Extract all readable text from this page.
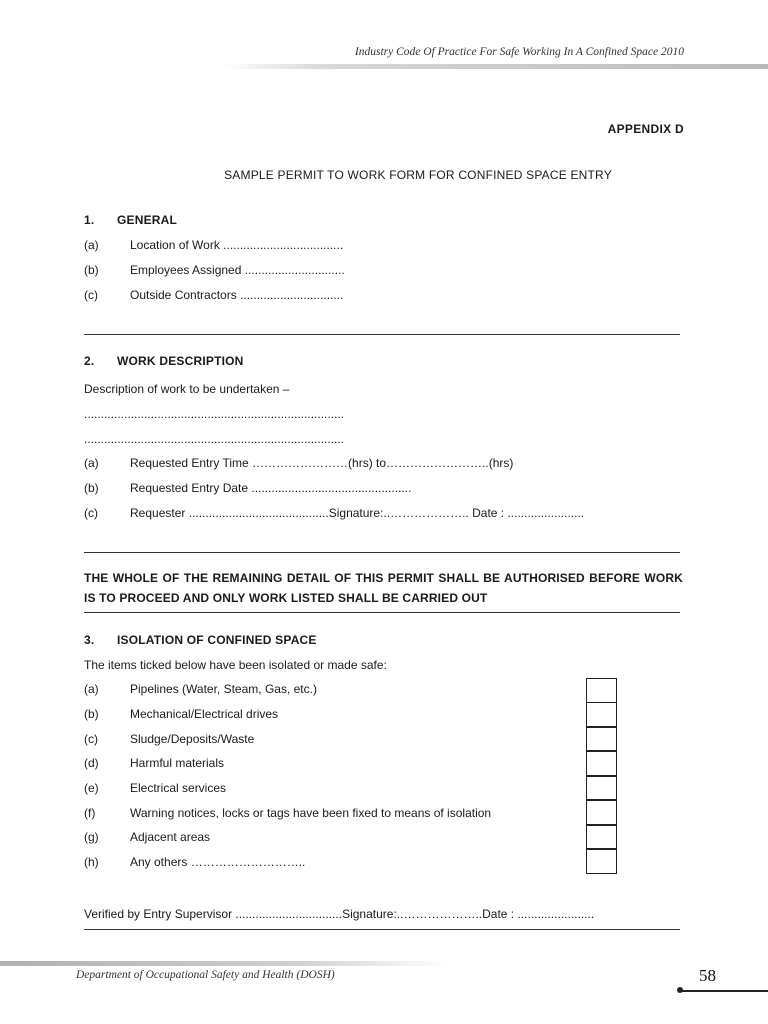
Industry Code Of Practice For Safe Working In A Confined Space 2010
APPENDIX D
SAMPLE PERMIT TO WORK FORM FOR CONFINED SPACE ENTRY
1. GENERAL
(a)	Location of Work ....................................
(b)	Employees Assigned ..............................
(c)	Outside Contractors ...............................
2. WORK DESCRIPTION
Description of work to be undertaken –
..............................................................................
..............................................................................
(a)	Requested Entry Time ……………………(hrs) to……………………..(hrs)
(b)	Requested Entry Date ................................................
(c)	Requester ..........................................Signature:..……………….. Date : .......................
THE WHOLE OF THE REMAINING DETAIL OF THIS PERMIT SHALL BE AUTHORISED BEFORE WORK IS TO PROCEED AND ONLY WORK LISTED SHALL BE CARRIED OUT
3. ISOLATION OF CONFINED SPACE
The items ticked below have been isolated or made safe:
(a)	Pipelines (Water, Steam, Gas, etc.)
(b)	Mechanical/Electrical drives
(c)	Sludge/Deposits/Waste
(d)	Harmful materials
(e)	Electrical services
(f)	Warning notices, locks or tags have been fixed to means of isolation
(g)	Adjacent areas
(h)	Any others ………………………..
Verified by Entry Supervisor ................................Signature:..………………..Date : .......................
Department of Occupational Safety and Health (DOSH)	58
